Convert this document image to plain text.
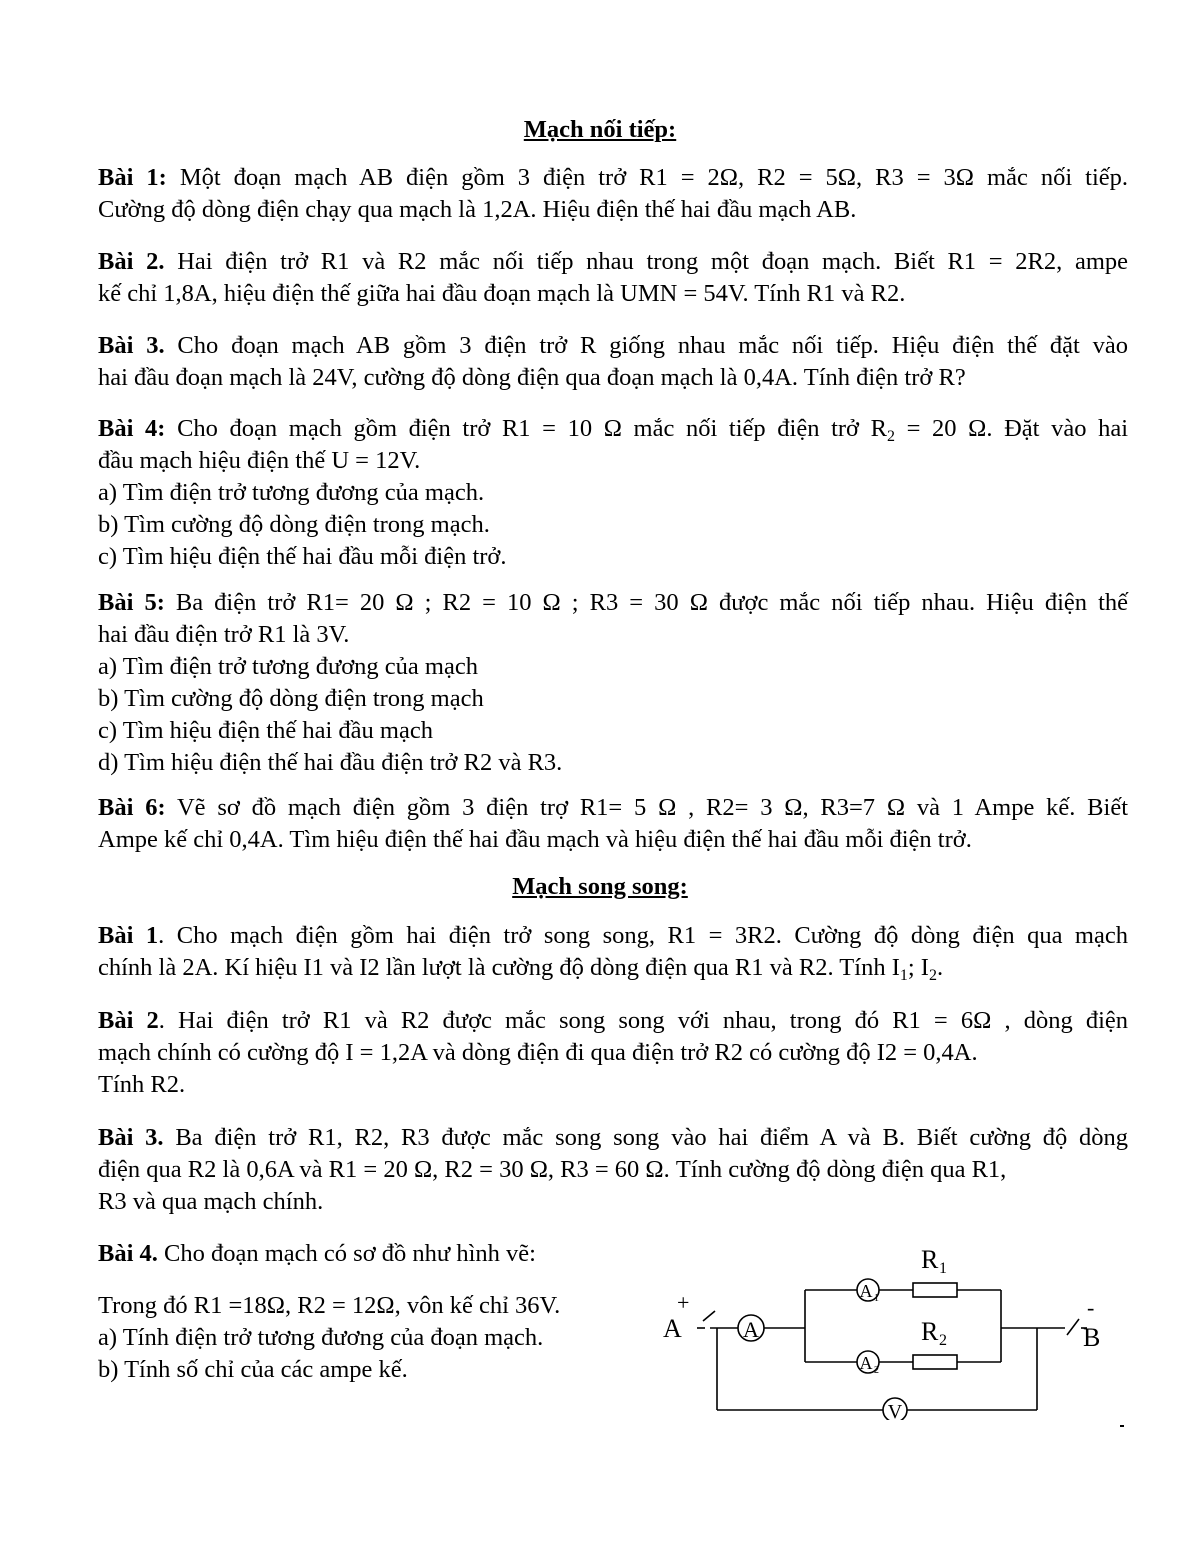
Mạch nối tiếp:
Bài 1: Một đoạn mạch AB điện gồm 3 điện trở R1 = 2Ω, R2 = 5Ω, R3 = 3Ω mắc nối tiếp.
Cường độ dòng điện chạy qua mạch là 1,2A. Hiệu điện thế hai đầu mạch AB.
Bài 2. Hai điện trở R1 và R2 mắc nối tiếp nhau trong một đoạn mạch. Biết R1 = 2R2, ampe
kế chỉ 1,8A, hiệu điện thế giữa hai đầu đoạn mạch là UMN = 54V. Tính R1 và R2.
Bài 3. Cho đoạn mạch AB gồm 3 điện trở R giống nhau mắc nối tiếp. Hiệu điện thế đặt vào
hai đầu đoạn mạch là 24V, cường độ dòng điện qua đoạn mạch là 0,4A. Tính điện trở R?
Bài 4: Cho đoạn mạch gồm điện trở R1 = 10 Ω mắc nối tiếp điện trở $R_2 = 20$ Ω. Đặt vào hai
đầu mạch hiệu điện thế U = 12V.
a) Tìm điện trở tương đương của mạch.
b) Tìm cường độ dòng điện trong mạch.
c) Tìm hiệu điện thế hai đầu mỗi điện trở.
Bài 5: Ba điện trở R1= 20 Ω ; R2 = 10 Ω ; R3 = 30 Ω được mắc nối tiếp nhau. Hiệu điện thế
hai đầu điện trở R1 là 3V.
a) Tìm điện trở tương đương của mạch
b) Tìm cường độ dòng điện trong mạch
c) Tìm hiệu điện thế hai đầu mạch
d) Tìm hiệu điện thế hai đầu điện trở R2 và R3.
Bài 6: Vẽ sơ đồ mạch điện gồm 3 điện trợ R1= 5 Ω , R2= 3 Ω, R3=7 Ω và 1 Ampe kế. Biết
Ampe kế chỉ 0,4A. Tìm hiệu điện thế hai đầu mạch và hiệu điện thế hai đầu mỗi điện trở.
Mạch song song:
Bài 1. Cho mạch điện gồm hai điện trở song song, R1 = 3R2. Cường độ dòng điện qua mạch
chính là 2A. Kí hiệu I1 và I2 lần lượt là cường độ dòng điện qua R1 và R2. Tính $I_1$; $I_2$.
Bài 2. Hai điện trở R1 và R2 được mắc song song với nhau, trong đó R1 = 6Ω , dòng điện
mạch chính có cường độ I = 1,2A và dòng điện đi qua điện trở R2 có cường độ I2 = 0,4A.
Tính R2.
Bài 3. Ba điện trở R1, R2, R3 được mắc song song vào hai điểm A và B. Biết cường độ dòng
điện qua R2 là 0,6A và R1 = 20 Ω, R2 = 30 Ω, R3 = 60 Ω. Tính cường độ dòng điện qua R1,
R3 và qua mạch chính.
Bài 4. Cho đoạn mạch có sơ đồ như hình vẽ:
Trong đó R1 =18Ω, R2 = 12Ω, vôn kế chỉ 36V.
a) Tính điện trở tương đương của đoạn mạch.
b) Tính số chỉ của các ampe kế.
A
+
B
-
A
A 1
A 2
V
R 1
R 2
